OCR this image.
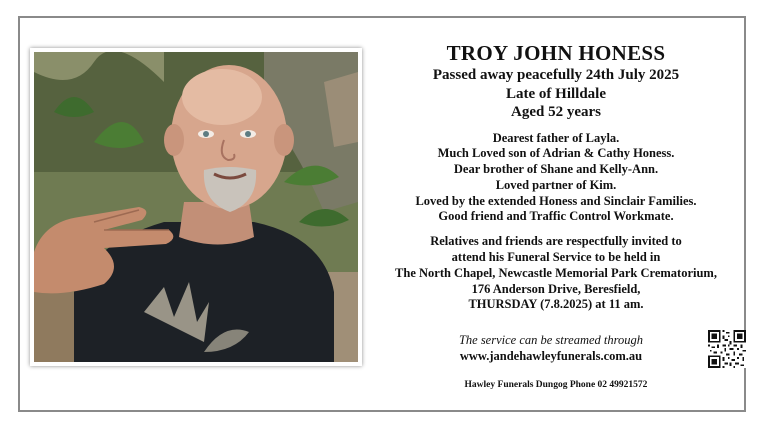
TROY JOHN HONESS
Passed away peacefully 24th July 2025
Late of Hilldale
Aged 52 years
Dearest father of Layla.
Much Loved son of Adrian & Cathy Honess.
Dear brother of Shane and Kelly-Ann.
Loved partner of Kim.
Loved by the extended Honess and Sinclair Families.
Good friend and Traffic Control Workmate.
Relatives and friends are respectfully invited to
attend his Funeral Service to be held in
The North Chapel, Newcastle Memorial Park Crematorium,
176 Anderson Drive, Beresfield,
THURSDAY (7.8.2025) at 11 am.
The service can be streamed through
www.jandehawleyfunerals.com.au
Hawley Funerals Dungog Phone 02 49921572
